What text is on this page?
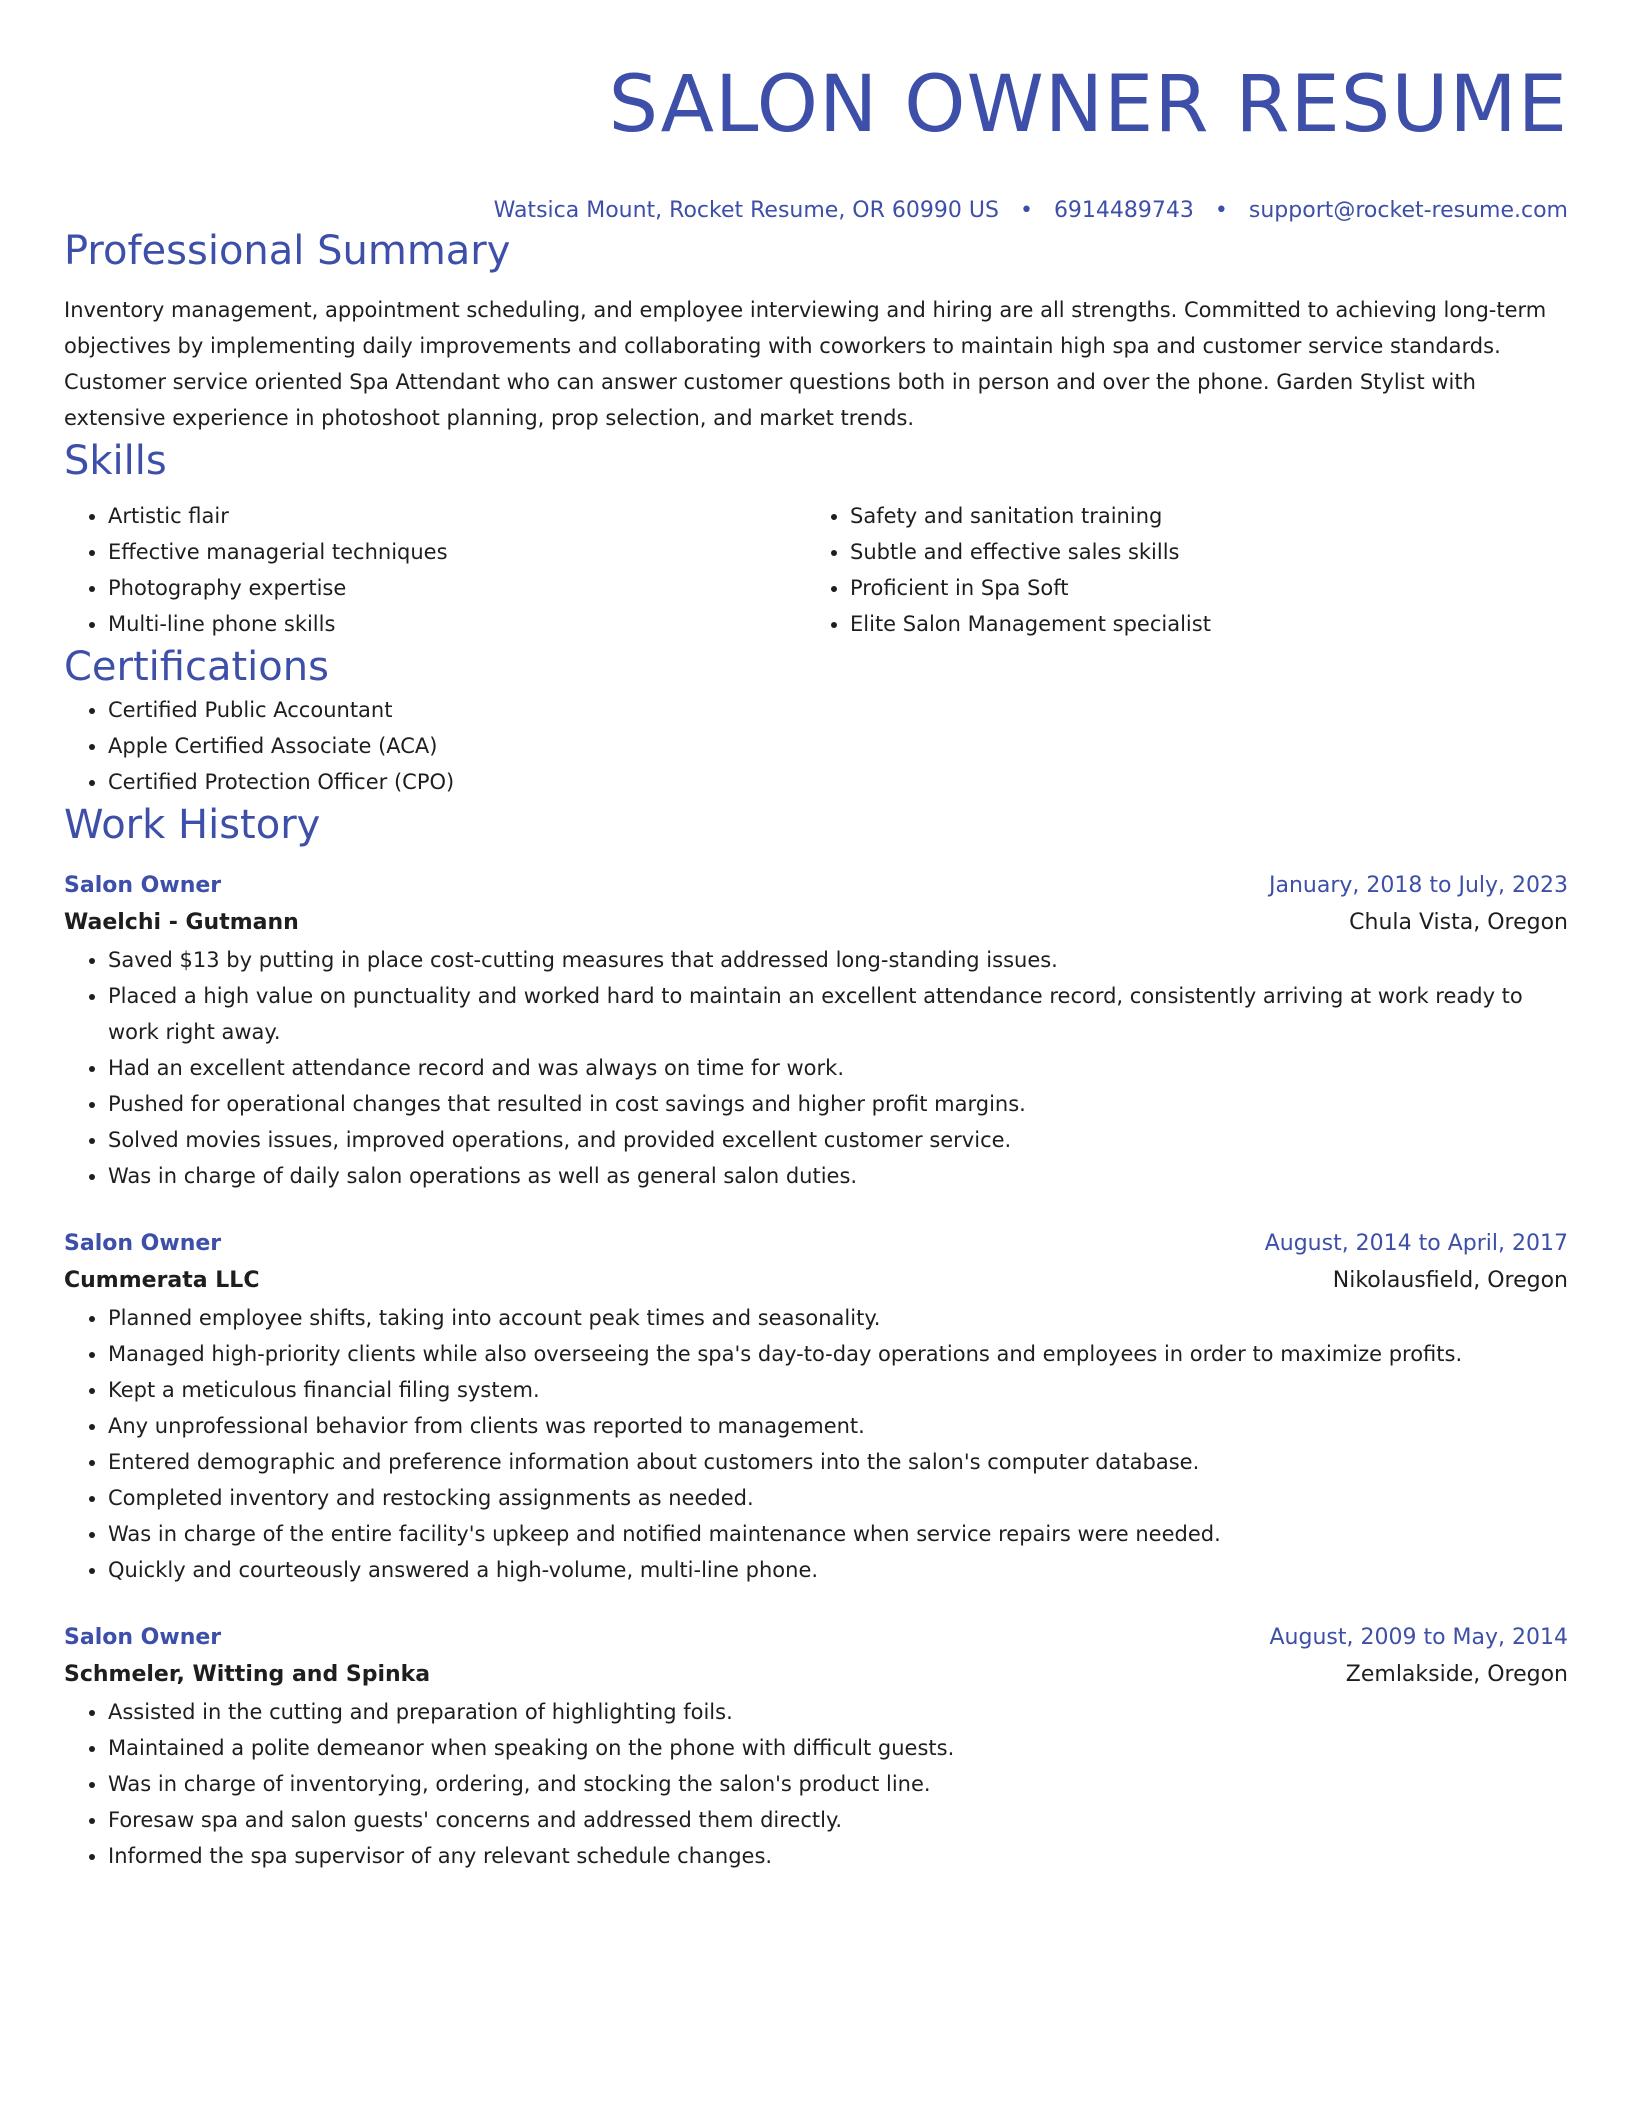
SALON OWNER RESUME
Watsica Mount, Rocket Resume, OR 60990 US • 6914489743 • support@rocket-resume.com
Professional Summary

Inventory management, appointment scheduling, and employee interviewing and hiring are all strengths. Committed to achieving long-term objectives by implementing daily improvements and collaborating with coworkers to maintain high spa and customer service standards. Customer service oriented Spa Attendant who can answer customer questions both in person and over the phone. Garden Stylist with extensive experience in photoshoot planning, prop selection, and market trends.

Skills
• Artistic flair
• Effective managerial techniques
• Photography expertise
• Multi-line phone skills
• Safety and sanitation training
• Subtle and effective sales skills
• Proficient in Spa Soft
• Elite Salon Management specialist
Certifications
• Certified Public Accountant
• Apple Certified Associate (ACA)
• Certified Protection Officer (CPO)
Work History
Salon Owner	January, 2018 to July, 2023
Waelchi - Gutmann	Chula Vista, Oregon
• Saved $13 by putting in place cost-cutting measures that addressed long-standing issues.
• Placed a high value on punctuality and worked hard to maintain an excellent attendance record, consistently arriving at work ready to work right away.
• Had an excellent attendance record and was always on time for work.
• Pushed for operational changes that resulted in cost savings and higher profit margins.
• Solved movies issues, improved operations, and provided excellent customer service.
• Was in charge of daily salon operations as well as general salon duties.
Salon Owner	August, 2014 to April, 2017
Cummerata LLC	Nikolausfield, Oregon
• Planned employee shifts, taking into account peak times and seasonality.
• Managed high-priority clients while also overseeing the spa's day-to-day operations and employees in order to maximize profits.
• Kept a meticulous financial filing system.
• Any unprofessional behavior from clients was reported to management.
• Entered demographic and preference information about customers into the salon's computer database.
• Completed inventory and restocking assignments as needed.
• Was in charge of the entire facility's upkeep and notified maintenance when service repairs were needed.
• Quickly and courteously answered a high-volume, multi-line phone.
Salon Owner	August, 2009 to May, 2014
Schmeler, Witting and Spinka	Zemlakside, Oregon
• Assisted in the cutting and preparation of highlighting foils.
• Maintained a polite demeanor when speaking on the phone with difficult guests.
• Was in charge of inventorying, ordering, and stocking the salon's product line.
• Foresaw spa and salon guests' concerns and addressed them directly.
• Informed the spa supervisor of any relevant schedule changes.
